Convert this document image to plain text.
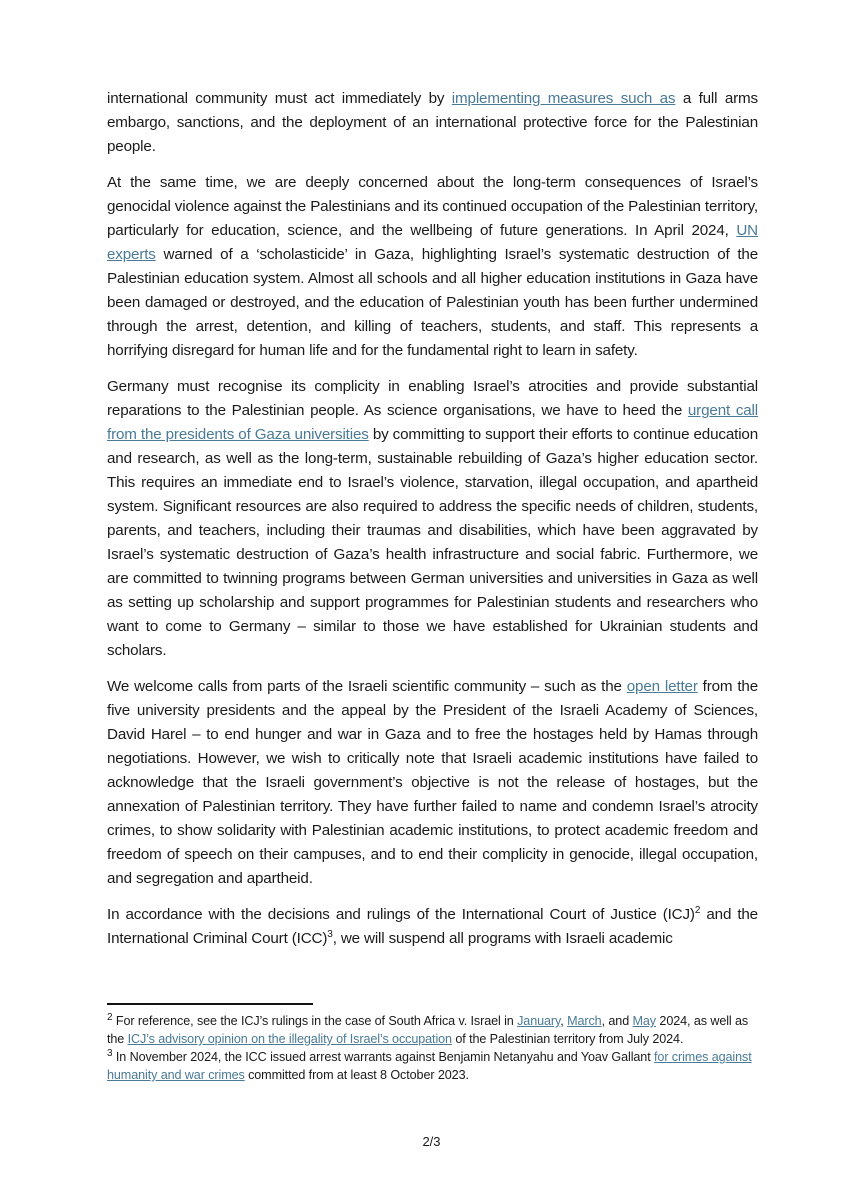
international community must act immediately by implementing measures such as a full arms embargo, sanctions, and the deployment of an international protective force for the Palestinian people.

At the same time, we are deeply concerned about the long-term consequences of Israel’s genocidal violence against the Palestinians and its continued occupation of the Palestinian territory, particularly for education, science, and the wellbeing of future generations. In April 2024, UN experts warned of a ‘scholasticide’ in Gaza, highlighting Israel’s systematic destruction of the Palestinian education system. Almost all schools and all higher education institutions in Gaza have been damaged or destroyed, and the education of Palestinian youth has been further undermined through the arrest, detention, and killing of teachers, students, and staff. This represents a horrifying disregard for human life and for the fundamental right to learn in safety.

Germany must recognise its complicity in enabling Israel’s atrocities and provide substantial reparations to the Palestinian people. As science organisations, we have to heed the urgent call from the presidents of Gaza universities by committing to support their efforts to continue education and research, as well as the long-term, sustainable rebuilding of Gaza’s higher education sector. This requires an immediate end to Israel’s violence, starvation, illegal occupation, and apartheid system. Significant resources are also required to address the specific needs of children, students, parents, and teachers, including their traumas and disabilities, which have been aggravated by Israel’s systematic destruction of Gaza’s health infrastructure and social fabric. Furthermore, we are committed to twinning programs between German universities and universities in Gaza as well as setting up scholarship and support programmes for Palestinian students and researchers who want to come to Germany – similar to those we have established for Ukrainian students and scholars.

We welcome calls from parts of the Israeli scientific community – such as the open letter from the five university presidents and the appeal by the President of the Israeli Academy of Sciences, David Harel – to end hunger and war in Gaza and to free the hostages held by Hamas through negotiations. However, we wish to critically note that Israeli academic institutions have failed to acknowledge that the Israeli government’s objective is not the release of hostages, but the annexation of Palestinian territory. They have further failed to name and condemn Israel’s atrocity crimes, to show solidarity with Palestinian academic institutions, to protect academic freedom and freedom of speech on their campuses, and to end their complicity in genocide, illegal occupation, and segregation and apartheid.

In accordance with the decisions and rulings of the International Court of Justice (ICJ)$^2$ and the International Criminal Court (ICC)$^3$, we will suspend all programs with Israeli academic

$^2$ For reference, see the ICJ’s rulings in the case of South Africa v. Israel in January, March, and May 2024, as well as the ICJ’s advisory opinion on the illegality of Israel’s occupation of the Palestinian territory from July 2024.

$^3$ In November 2024, the ICC issued arrest warrants against Benjamin Netanyahu and Yoav Gallant for crimes against humanity and war crimes committed from at least 8 October 2023.

2/3
